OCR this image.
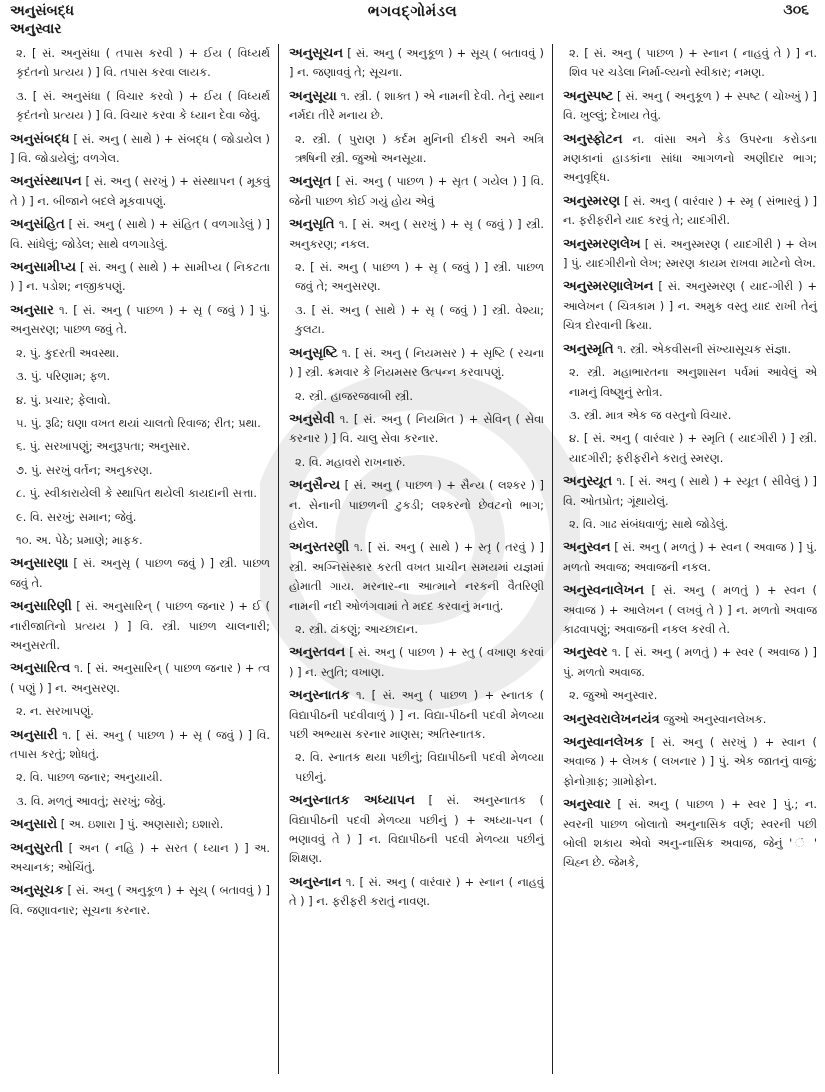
અનુસંબદ્ધ
અનુસ્વાર
ભગવદ્ગોમંડલ	૩૦૬
૨. [ સં. અનુસંધા ( તપાસ કરવી ) + ઈય ( વિધ્યર્થ કૃદંતનો પ્રત્યય ) ] વિ. તપાસ કરવા લાયક.
૩. [ સં. અનુસંધા ( વિચાર કરવો ) + ઈય ( વિધ્યર્થ કૃદંતનો પ્રત્યય ) ] વિ. વિચાર કરવા કે ધ્યાન દેવા જેવું.
અનુસંબદ્ધ [ સં. અનુ ( સાથે ) + સંબદ્ધ ( જોડાયેલ ) ] વિ. જોડાયેલું; વળગેલ.
અનુસંસ્થાપન [ સં. અનુ ( સરખું ) + સંસ્થાપન ( મૂકવું તે ) ] ન. બીજાને બદલે મૂકવાપણું.
અનુસંહિત [ સં. અનુ ( સાથે ) + સંહિત ( વળગાડેલું ) ] વિ. સાંધેલું; જોડેલ; સાથે વળગાડેલું.
અનુસામીપ્ય [ સં. અનુ ( સાથે ) + સામીપ્ય ( નિકટતા ) ] ન. પડોશ; નજીકપણું.
અનુસાર ૧. [ સં. અનુ ( પાછળ ) + સૃ ( જવું ) ] પું. અનુસરણ; પાછળ જવું તે.
૨. પું. કુદરતી અવસ્થા.
૩. પું. પરિણામ; ફળ.
૪. પું. પ્રચાર; ફેલાવો.
૫. પું. રૂઢિ; ઘણા વખત થયાં ચાલતો રિવાજ; રીત; પ્રથા.
૬. પું. સરખાપણું; અનુરૂપતા; અનુસાર.
૭. પું. સરખું વર્તન; અનુકરણ.
૮. પું. સ્વીકારાયેલી કે સ્થાપિત થયેલી કાયદાની સત્તા.
૯. વિ. સરખું; સમાન; જેવું.
૧૦. અ. પેઠે; પ્રમાણે; માફક.
અનુસારણા [ સં. અનુસૃ ( પાછળ જવું ) ] સ્ત્રી. પાછળ જવું તે.
અનુસારિણી [ સં. અનુસારિન્ ( પાછળ જનાર ) + ઈ ( નારીજાતિનો પ્રત્યય ) ] વિ. સ્ત્રી. પાછળ ચાલનારી; અનુસરતી.
અનુસારિત્વ ૧. [ સં. અનુસારિન્ ( પાછળ જનાર ) + ત્વ ( પણું ) ] ન. અનુસરણ.
૨. ન. સરખાપણું.
અનુસારી ૧. [ સં. અનુ ( પાછળ ) + સૃ ( જવું ) ] વિ. તપાસ કરતું; શોધતું.
૨. વિ. પાછળ જનાર; અનુયાયી.
૩. વિ. મળતું આવતું; સરખું; જેવું.
અનુસારો [ અ. ઇશારા ] પું. અણસારો; ઇશારો.
અનુસુરતી [ અન ( નહિ ) + સરત ( ધ્યાન ) ] અ. અચાનક; ઓચિંતું.
અનુસૂચક [ સં. અનુ ( અનુકૂળ ) + સૂચ્ ( બતાવવું ) ] વિ. જણાવનાર; સૂચના કરનાર.
અનુસૂચન [ સં. અનુ ( અનુકૂળ ) + સૂચ્ ( બતાવવું ) ] ન. જણાવવું તે; સૂચના.
અનુસૂયા ૧. સ્ત્રી. ( શાક્ત ) એ નામની દેવી. તેનું સ્થાન નર્મદા તીરે મનાય છે.
૨. સ્ત્રી. ( પુરાણ ) કર્દમ મુનિની દીકરી અને અત્રિ ઋષિની સ્ત્રી. જુઓ અનસૂયા.
અનુસૃત [ સં. અનુ ( પાછળ ) + સૃત ( ગયેલ ) ] વિ. જેની પાછળ કોઈ ગયું હોય એવું
અનુસૃતિ ૧. [ સં. અનુ ( સરખું ) + સૃ ( જવું ) ] સ્ત્રી. અનુકરણ; નકલ.
૨. [ સં. અનુ ( પાછળ ) + સૃ ( જવું ) ] સ્ત્રી. પાછળ જવું તે; અનુસરણ.
૩. [ સં. અનુ ( સાથે ) + સૃ ( જવું ) ] સ્ત્રી. વેશ્યા; કુલટા.
અનુસૃષ્ટિ ૧. [ સં. અનુ ( નિયમસર ) + સૃષ્ટિ ( રચના ) ] સ્ત્રી. ક્રમવાર કે નિયમસર ઉત્પન્ન કરવાપણું.
૨. સ્ત્રી. હાજરજવાબી સ્ત્રી.
અનુસેવી ૧. [ સં. અનુ ( નિયમિત ) + સેવિન્ ( સેવા કરનાર ) ] વિ. ચાલુ સેવા કરનાર.
૨. વિ. મહાવરો રાખનારું.
અનુસૈન્ય [ સં. અનુ ( પાછળ ) + સૈન્ય ( લશ્કર ) ] ન. સેનાની પાછળની ટુકડી; લશ્કરનો છેવટનો ભાગ; હરોલ.
અનુસ્તરણી ૧. [ સં. અનુ ( સાથે ) + સ્તૃ ( તરવું ) ] સ્ત્રી. અગ્નિસંસ્કાર કરતી વખત પ્રાચીન સમયમાં યજ્ઞમાં હોમાતી ગાય. મરનાર-ના આત્માને નરકની વૈતરિણી નામની નદી ઓળંગવામાં તે મદદ કરવાનું મનાતું.
૨. સ્ત્રી. ઢાંકણું; આચ્છાદાન.
અનુસ્તવન [ સં. અનુ ( પાછળ ) + સ્તુ ( વખાણ કરવાં ) ] ન. સ્તુતિ; વખાણ.
અનુસ્નાતક ૧. [ સં. અનુ ( પાછળ ) + સ્નાતક ( વિદ્યાપીઠની પદવીવાળું ) ] ન. વિદ્યા-પીઠની પદવી મેળવ્યા પછી અભ્યાસ કરનાર માણસ; અતિસ્નાતક.
૨. વિ. સ્નાતક થયા પછીનું; વિદ્યાપીઠની પદવી મેળવ્યા પછીનું.
અનુસ્નાતક અધ્યાપન [ સં. અનુસ્નાતક ( વિદ્યાપીઠની પદવી મેળવ્યા પછીનું ) + અધ્યા-પન ( ભણાવવું તે ) ] ન. વિદ્યાપીઠની પદવી મેળવ્યા પછીનું શિક્ષણ.
અનુસ્નાન ૧. [ સં. અનુ ( વારંવાર ) + સ્નાન ( નાહવું તે ) ] ન. ફરીફરી કરાતું નાવણ.
૨. [ સં. અનુ ( પાછળ ) + સ્નાન ( નાહવું તે ) ] ન. શિવ પર ચડેલા નિર્મા-લ્યનો સ્વીકાર; નમણ.
અનુસ્પષ્ટ [ સં. અનુ ( અનુકૂળ ) + સ્પષ્ટ ( ચોખ્ખું ) ] વિ. ખુલ્લું; દેખાય તેવું.
અનુસ્ફોટન ન. વાંસા અને કેડ ઉપરના કરોડના મણકાનાં હાડકાંના સાંધા આગળનો અણીદાર ભાગ; અનુવૃદ્ધિ.
અનુસ્મરણ [ સં. અનુ ( વારંવાર ) + સ્મૃ ( સંભારવું ) ] ન. ફરીફરીને યાદ કરવું તે; યાદગીરી.
અનુસ્મરણલેખ [ સં. અનુસ્મરણ ( યાદગીરી ) + લેખ ] પું. યાદગીરીનો લેખ; સ્મરણ કાયમ રાખવા માટેનો લેખ.
અનુસ્મરણાલેખન [ સં. અનુસ્મરણ ( યાદ-ગીરી ) + આલેખન ( ચિત્રકામ ) ] ન. અમુક વસ્તુ યાદ રાખી તેનું ચિત્ર દોરવાની ક્રિયા.
અનુસ્મૃતિ ૧. સ્ત્રી. એકવીસની સંખ્યાસૂચક સંજ્ઞા.
૨. સ્ત્રી. મહાભારતના અનુશાસન પર્વમાં આવેલું એ નામનું વિષ્ણુનું સ્તોત્ર.
૩. સ્ત્રી. માત્ર એક જ વસ્તુનો વિચાર.
૪. [ સં. અનુ ( વારંવાર ) + સ્મૃતિ ( યાદગીરી ) ] સ્ત્રી. યાદગીરી; ફરીફરીને કરાતું સ્મરણ.
અનુસ્યૂત ૧. [ સં. અનુ ( સાથે ) + સ્યૂત ( સીવેલું ) ] વિ. ઓતપ્રોત; ગૂંથાયેલું.
૨. વિ. ગાઢ સંબંધવાળું; સાથે જોડેલું.
અનુસ્વન [ સં. અનુ ( મળતું ) + સ્વન ( અવાજ ) ] પું. મળતો અવાજ; અવાજની નકલ.
અનુસ્વનાલેખન [ સં. અનુ ( મળતું ) + સ્વન ( અવાજ ) + આલેખન ( લખવું તે ) ] ન. મળતો અવાજ કાઢવાપણું; અવાજની નકલ કરવી તે.
અનુસ્વર ૧. [ સં. અનુ ( મળતું ) + સ્વર ( અવાજ ) ] પું. મળતો અવાજ.
૨. જુઓ અનુસ્વાર.
અનુસ્વરાલેખનયંત્ર જુઓ અનુસ્વાનલેખક.
અનુસ્વાનલેખક [ સં. અનુ ( સરખું ) + સ્વાન ( અવાજ ) + લેખક ( લખનાર ) ] પું. એક જાતનું વાજું; ફોનોગ્રાફ; ગ્રામોફોન.
અનુસ્વાર [ સં. અનુ ( પાછળ ) + સ્વર ] પું.; ન. સ્વરની પાછળ બોલાતો અનુનાસિક વર્ણ; સ્વરની પછી બોલી શકાય એવો અનુ-નાસિક અવાજ, જેનું ' ં ' ચિહ્ન છે. જેમકે,
